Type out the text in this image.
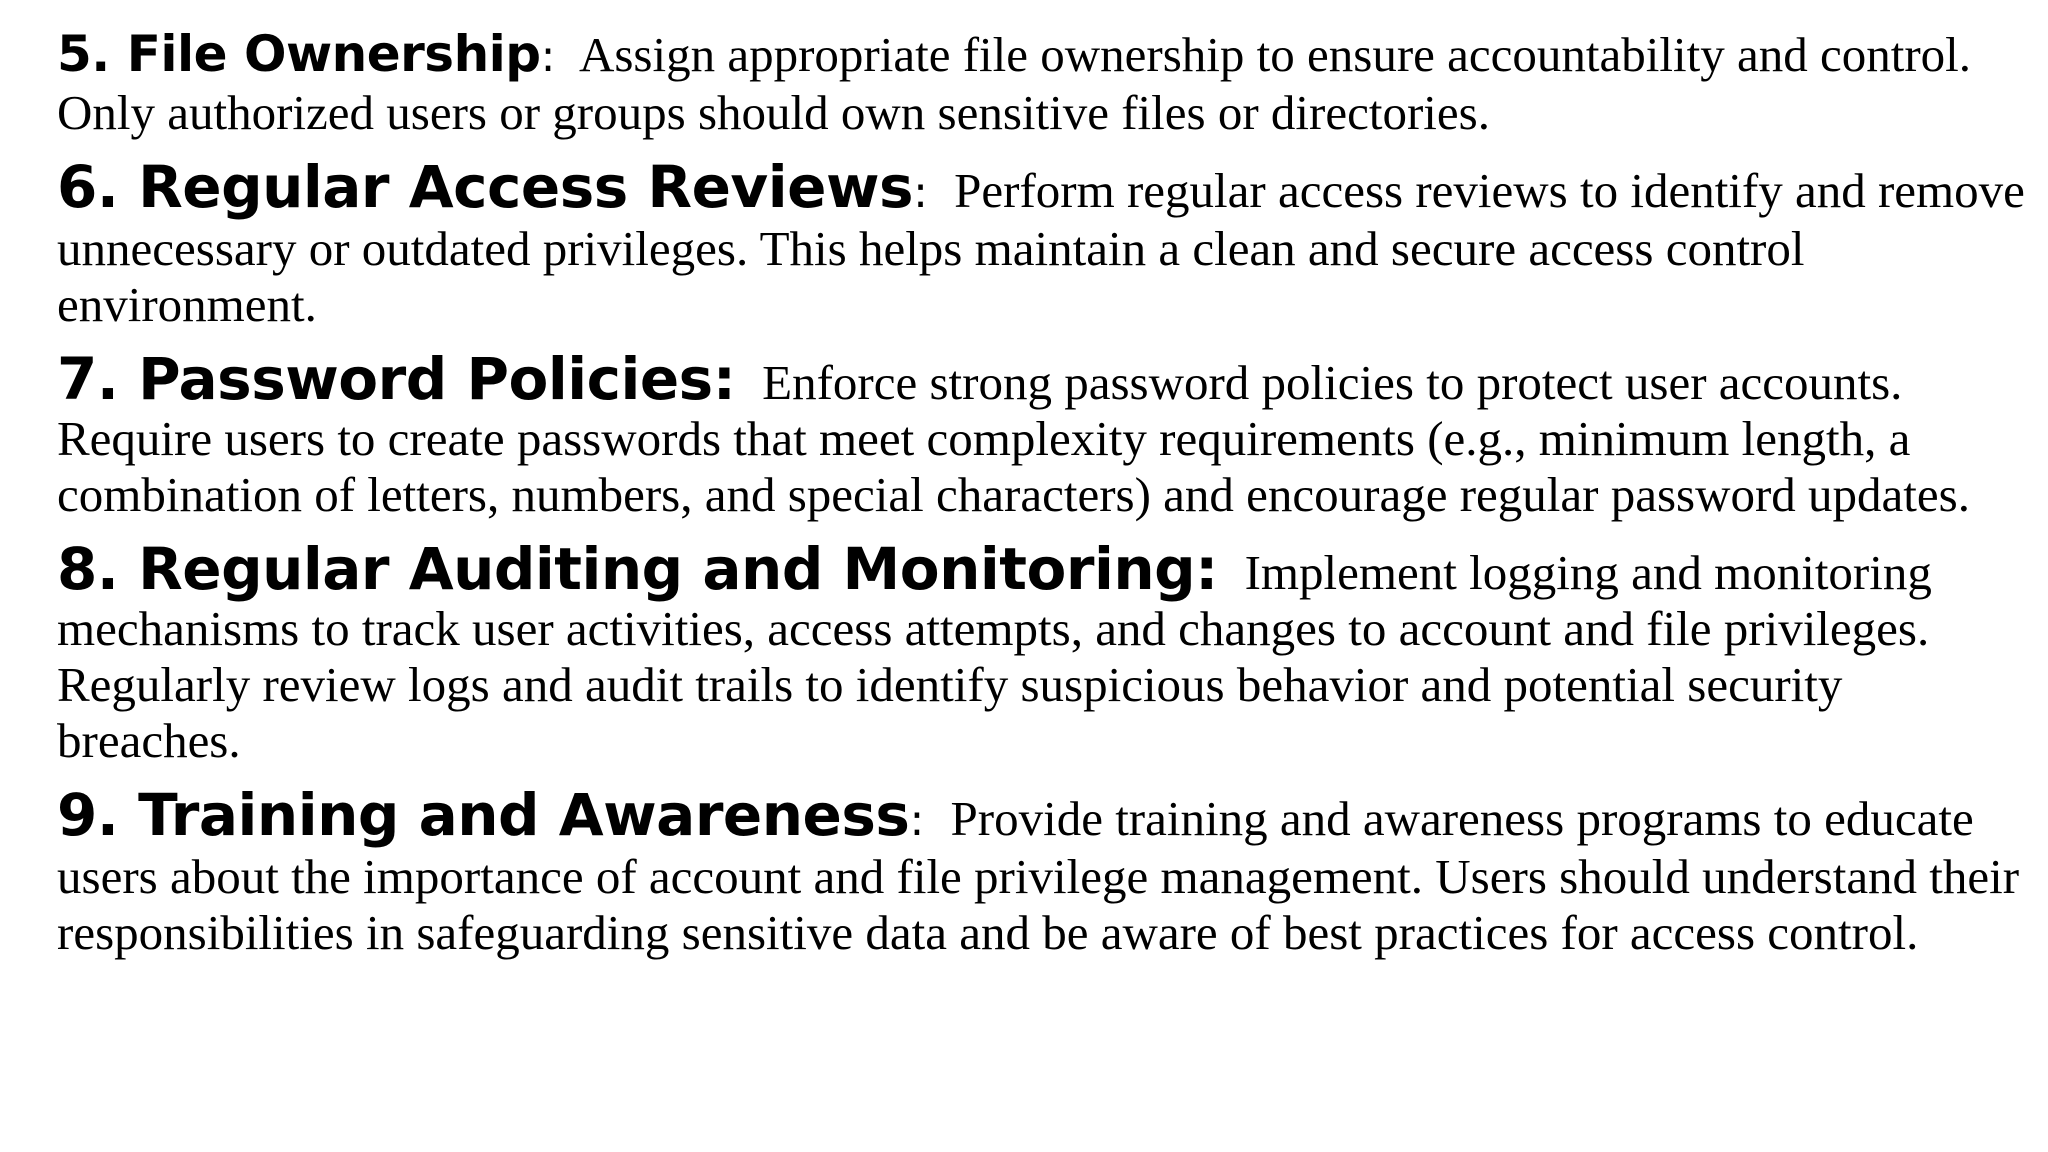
5. File Ownership: Assign appropriate file ownership to ensure accountability and control. Only authorized users or groups should own sensitive files or directories.

6. Regular Access Reviews: Perform regular access reviews to identify and remove unnecessary or outdated privileges. This helps maintain a clean and secure access control environment.

7. Password Policies: Enforce strong password policies to protect user accounts. Require users to create passwords that meet complexity requirements (e.g., minimum length, a combination of letters, numbers, and special characters) and encourage regular password updates.

8. Regular Auditing and Monitoring: Implement logging and monitoring mechanisms to track user activities, access attempts, and changes to account and file privileges. Regularly review logs and audit trails to identify suspicious behavior and potential security breaches.

9. Training and Awareness: Provide training and awareness programs to educate users about the importance of account and file privilege management. Users should understand their responsibilities in safeguarding sensitive data and be aware of best practices for access control.
